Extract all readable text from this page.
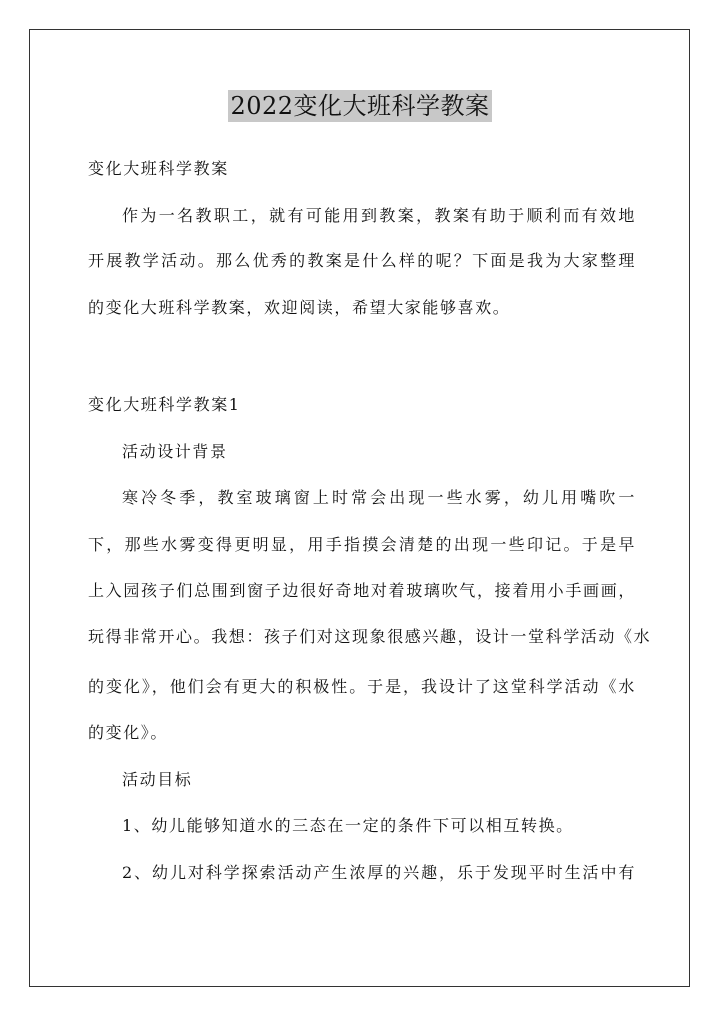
2022变化大班科学教案
变化大班科学教案
作为一名教职工，就有可能用到教案，教案有助于顺利而有效地
开展教学活动。那么优秀的教案是什么样的呢？下面是我为大家整理
的变化大班科学教案，欢迎阅读，希望大家能够喜欢。
变化大班科学教案1
活动设计背景
寒冷冬季，教室玻璃窗上时常会出现一些水雾，幼儿用嘴吹一
下，那些水雾变得更明显，用手指摸会清楚的出现一些印记。于是早
上入园孩子们总围到窗子边很好奇地对着玻璃吹气，接着用小手画画，
玩得非常开心。我想：孩子们对这现象很感兴趣，设计一堂科学活动《水
的变化》，他们会有更大的积极性。于是，我设计了这堂科学活动《水
的变化》。
活动目标
1、幼儿能够知道水的三态在一定的条件下可以相互转换。
2、幼儿对科学探索活动产生浓厚的兴趣，乐于发现平时生活中有
